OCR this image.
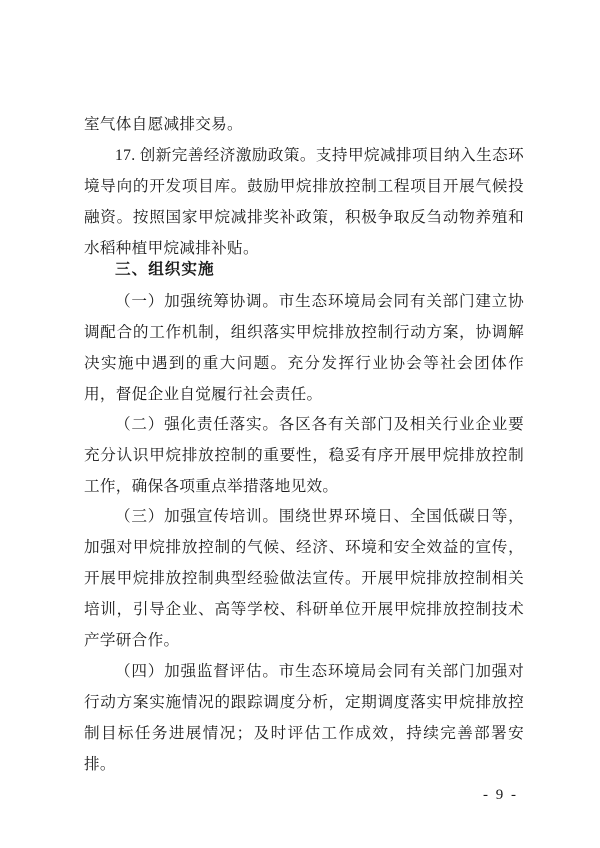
室气体自愿减排交易。

17. 创新完善经济激励政策。支持甲烷减排项目纳入生态环境导向的开发项目库。鼓励甲烷排放控制工程项目开展气候投融资。按照国家甲烷减排奖补政策，积极争取反刍动物养殖和水稻种植甲烷减排补贴。

三、组织实施

（一）加强统筹协调。市生态环境局会同有关部门建立协调配合的工作机制，组织落实甲烷排放控制行动方案，协调解决实施中遇到的重大问题。充分发挥行业协会等社会团体作用，督促企业自觉履行社会责任。

（二）强化责任落实。各区各有关部门及相关行业企业要充分认识甲烷排放控制的重要性，稳妥有序开展甲烷排放控制工作，确保各项重点举措落地见效。

（三）加强宣传培训。围绕世界环境日、全国低碳日等，加强对甲烷排放控制的气候、经济、环境和安全效益的宣传，开展甲烷排放控制典型经验做法宣传。开展甲烷排放控制相关培训，引导企业、高等学校、科研单位开展甲烷排放控制技术产学研合作。

（四）加强监督评估。市生态环境局会同有关部门加强对行动方案实施情况的跟踪调度分析，定期调度落实甲烷排放控制目标任务进展情况；及时评估工作成效，持续完善部署安排。

- 9 -
